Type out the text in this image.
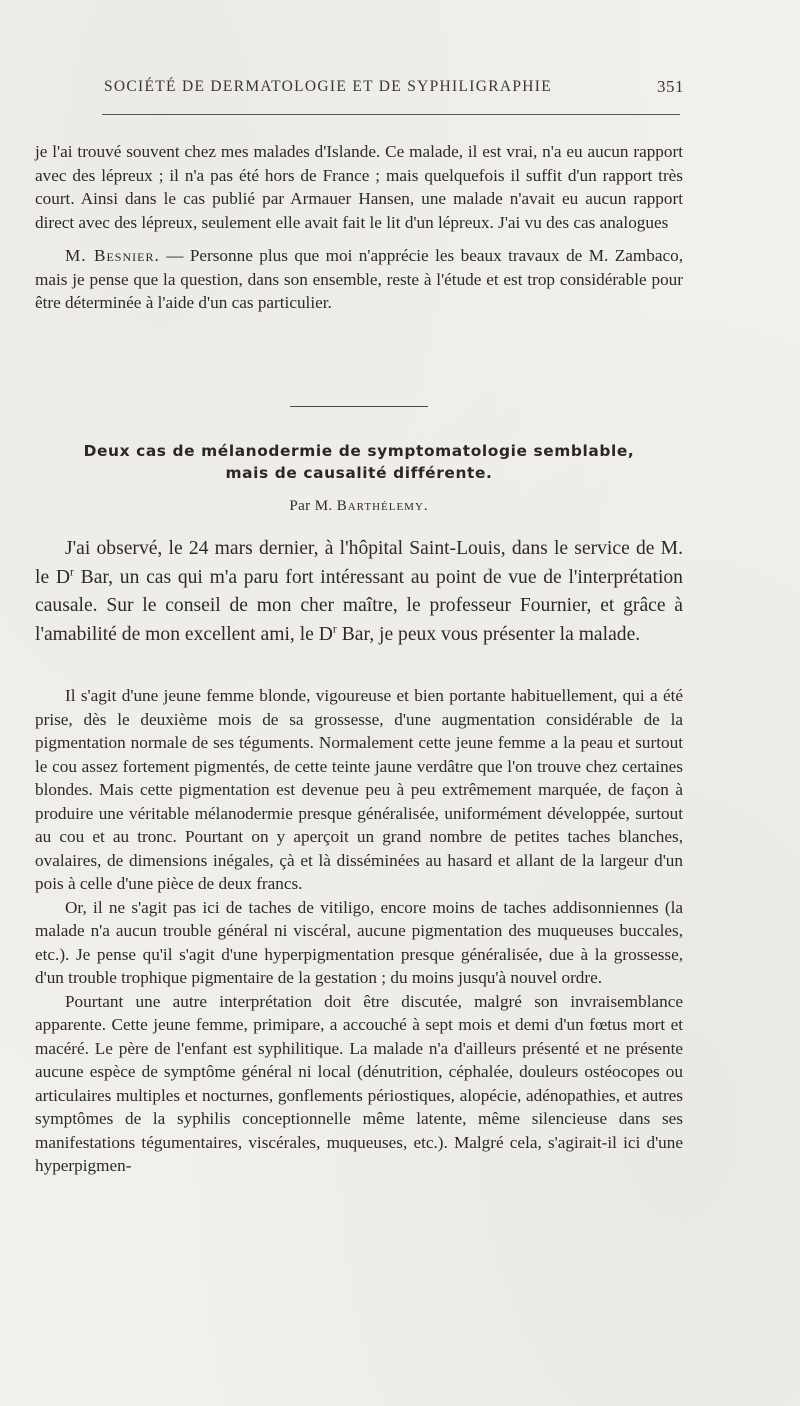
SOCIÉTÉ DE DERMATOLOGIE ET DE SYPHILIGRAPHIE	351

je l'ai trouvé souvent chez mes malades d'Islande. Ce malade, il est vrai, n'a eu aucun rapport avec des lépreux ; il n'a pas été hors de France ; mais quelquefois il suffit d'un rapport très court. Ainsi dans le cas publié par Armauer Hansen, une malade n'avait eu aucun rapport direct avec des lépreux, seulement elle avait fait le lit d'un lépreux. J'ai vu des cas analogues

M. Besnier. — Personne plus que moi n'apprécie les beaux travaux de M. Zambaco, mais je pense que la question, dans son ensemble, reste à l'étude et est trop considérable pour être déterminée à l'aide d'un cas particulier.

Deux cas de mélanodermie de symptomatologie semblable,
mais de causalité différente.
Par M. Barthélemy.

J'ai observé, le 24 mars dernier, à l'hôpital Saint-Louis, dans le service de M. le $D^r$ Bar, un cas qui m'a paru fort intéressant au point de vue de l'interprétation causale. Sur le conseil de mon cher maître, le professeur Fournier, et grâce à l'amabilité de mon excellent ami, le $D^r$ Bar, je peux vous présenter la malade.

Il s'agit d'une jeune femme blonde, vigoureuse et bien portante habituellement, qui a été prise, dès le deuxième mois de sa grossesse, d'une augmentation considérable de la pigmentation normale de ses téguments. Normalement cette jeune femme a la peau et surtout le cou assez fortement pigmentés, de cette teinte jaune verdâtre que l'on trouve chez certaines blondes. Mais cette pigmentation est devenue peu à peu extrêmement marquée, de façon à produire une véritable mélanodermie presque généralisée, uniformément développée, surtout au cou et au tronc. Pourtant on y aperçoit un grand nombre de petites taches blanches, ovalaires, de dimensions inégales, çà et là disséminées au hasard et allant de la largeur d'un pois à celle d'une pièce de deux francs.

Or, il ne s'agit pas ici de taches de vitiligo, encore moins de taches addisonniennes (la malade n'a aucun trouble général ni viscéral, aucune pigmentation des muqueuses buccales, etc.). Je pense qu'il s'agit d'une hyperpigmentation presque généralisée, due à la grossesse, d'un trouble trophique pigmentaire de la gestation ; du moins jusqu'à nouvel ordre.

Pourtant une autre interprétation doit être discutée, malgré son invraisemblance apparente. Cette jeune femme, primipare, a accouché à sept mois et demi d'un fœtus mort et macéré. Le père de l'enfant est syphilitique. La malade n'a d'ailleurs présenté et ne présente aucune espèce de symptôme général ni local (dénutrition, céphalée, douleurs ostéocopes ou articulaires multiples et nocturnes, gonflements périostiques, alopécie, adénopathies, et autres symptômes de la syphilis conceptionnelle même latente, même silencieuse dans ses manifestations tégumentaires, viscérales, muqueuses, etc.). Malgré cela, s'agirait-il ici d'une hyperpigmen-
